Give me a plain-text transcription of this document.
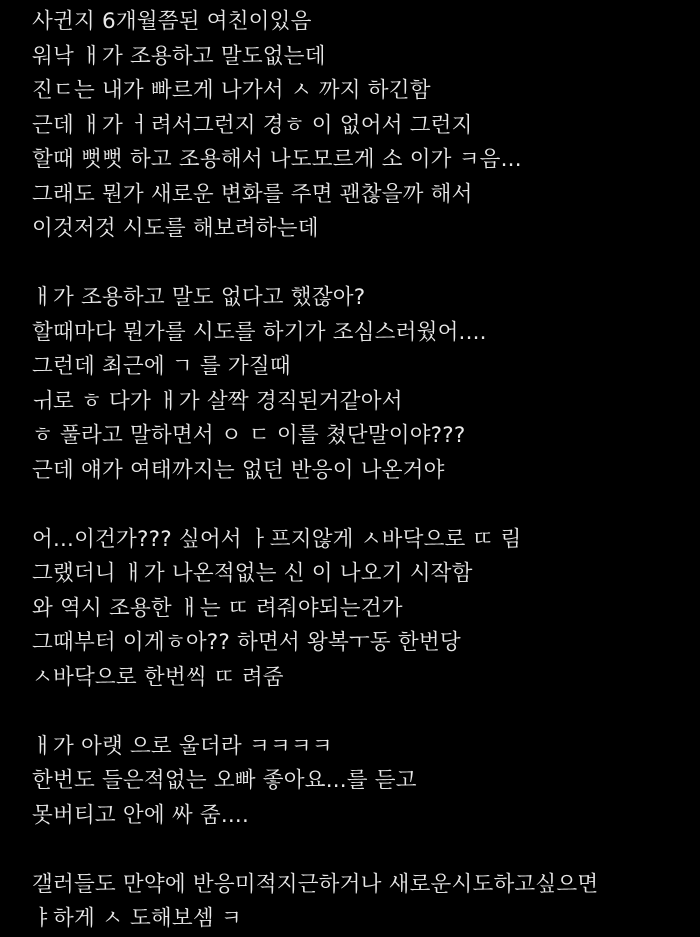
사귄지 6개월쯤된 여친이있음
워낙 ㅐ가 조용하고 말도없는데
진ㄷ는 내가 빠르게 나가서 ㅅ 까지 하긴함
근데 ㅐ가 ㅓ려서그런지 경ㅎ 이 없어서 그런지
할때 뻣뻣 하고 조용해서 나도모르게 소 이가 ㅋ음...
그래도 뭔가 새로운 변화를 주면 괜찮을까 해서
이것저것 시도를 해보려하는데
ㅐ가 조용하고 말도 없다고 했잖아?
할때마다 뭔가를 시도를 하기가 조심스러웠어....
그런데 최근에 ㄱ 를 가질때
ㅟ로 ㅎ 다가 ㅐ가 살짝 경직된거같아서
ㅎ 풀라고 말하면서 ㅇ ㄷ 이를 쳤단말이야???
근데 얘가 여태까지는 없던 반응이 나온거야
어...이건가??? 싶어서 ㅏ프지않게 ㅅ바닥으로 ㄸ 림
그랬더니 ㅐ가 나온적없는 신 이 나오기 시작함
와 역시 조용한 ㅐ는 ㄸ 려줘야되는건가
그때부터 이게ㅎ아?? 하면서 왕복ㅜ동 한번당
ㅅ바닥으로 한번씩 ㄸ 려줌
ㅐ가 아랫 으로 울더라 ㅋㅋㅋㅋ
한번도 들은적없는 오빠 좋아요...를 듣고
못버티고 안에 싸 줌....
갤러들도 만약에 반응미적지근하거나 새로운시도하고싶으면
ㅑ하게 ㅅ 도해보셈 ㅋ
